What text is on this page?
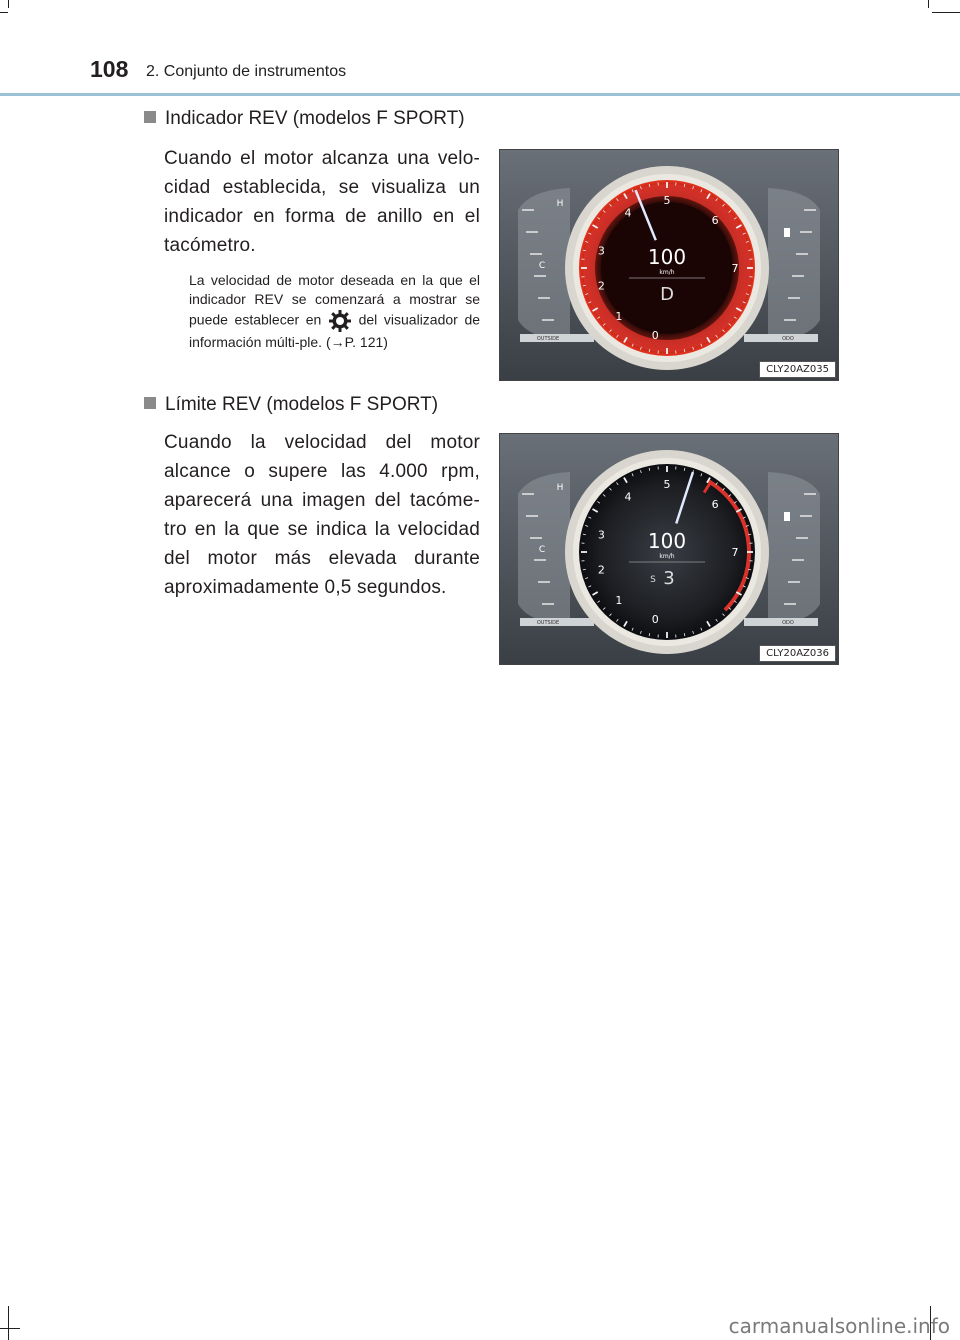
108 2. Conjunto de instrumentos
Indicador REV (modelos F SPORT)
Cuando el motor alcanza una velo-cidad establecida, se visualiza un indicador en forma de anillo en el tacómetro.
La velocidad de motor deseada en la que el indicador REV se comenzará a mostrar se puede establecer en	del visualizador de información múlti-ple. (→P. 121)
H
C
OUTSIDE	ODO
0
1
2
3
4
5
6
7
100
km/h
D
CLY20AZ035
Límite REV (modelos F SPORT)
Cuando la velocidad del motor alcance o supere las 4.000 rpm, aparecerá una imagen del tacóme-tro en la que se indica la velocidad del motor más elevada durante aproximadamente 0,5 segundos.
H
C
OUTSIDE	ODO
0
1
2
3
4
5
6
7
100
km/h
S 3
CLY20AZ036
carmanualsonline.info
